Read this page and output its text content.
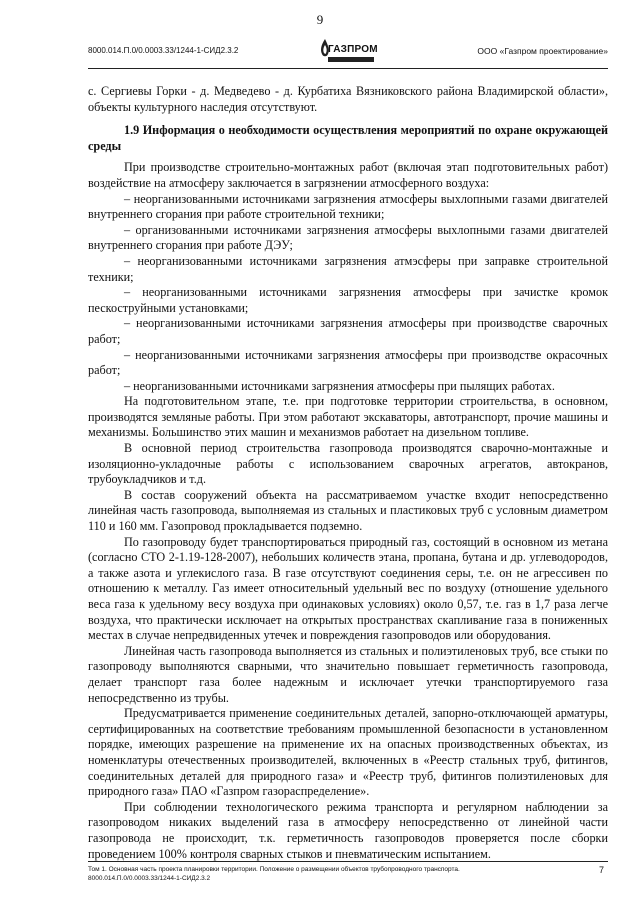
9
8000.014.П.0/0.0003.33/1244-1-СИД2.3.2	ГАЗПРОМ	ООО «Газпром проектирование»

с. Сергиевы Горки - д. Медведево - д. Курбатиха Вязниковского района Владимирской области», объекты культурного наследия отсутствуют.

1.9 Информация о необходимости осуществления мероприятий по охране окружающей среды

При производстве строительно-монтажных работ (включая этап подготовительных работ) воздействие на атмосферу заключается в загрязнении атмосферного воздуха:

– неорганизованными источниками загрязнения атмосферы выхлопными газами двигателей внутреннего сгорания при работе строительной техники;

– организованными источниками загрязнения атмосферы выхлопными газами двигателей внутреннего сгорания при работе ДЭУ;

– неорганизованными источниками загрязнения атмэсферы при заправке строительной техники;

– неорганизованными источниками загрязнения атмосферы при зачистке кромок пескоструйными установками;

– неорганизованными источниками загрязнения атмосферы при производстве сварочных работ;

– неорганизованными источниками загрязнения атмосферы при производстве окрасочных работ;

– неорганизованными источниками загрязнения атмосферы при пылящих работах.

На подготовительном этапе, т.е. при подготовке территории строительства, в основном, производятся земляные работы. При этом работают экскаваторы, автотранспорт, прочие машины и механизмы. Большинство этих машин и механизмов работает на дизельном топливе.

В основной период строительства газопровода производятся сварочно-монтажные и изоляционно-укладочные работы с использованием сварочных агрегатов, автокранов, трубоукладчиков и т.д.

В состав сооружений объекта на рассматриваемом участке входит непосредственно линейная часть газопровода, выполняемая из стальных и пластиковых труб с условным диаметром 110 и 160 мм. Газопровод прокладывается подземно.

По газопроводу будет транспортироваться природный газ, состоящий в основном из метана (согласно СТО 2-1.19-128-2007), небольших количеств этана, пропана, бутана и др. углеводородов, а также азота и углекислого газа. В газе отсутствуют соединения серы, т.е. он не агрессивен по отношению к металлу. Газ имеет относительный удельный вес по воздуху (отношение удельного веса газа к удельному весу воздуха при одинаковых условиях) около 0,57, т.е. газ в 1,7 раза легче воздуха, что практически исключает на открытых пространствах скапливание газа в пониженных местах в случае непредвиденных утечек и повреждения газопроводов или оборудования.

Линейная часть газопровода выполняется из стальных и полиэтиленовых труб, все стыки по газопроводу выполняются сварными, что значительно повышает герметичность газопровода, делает транспорт газа более надежным и исключает утечки транспортируемого газа непосредственно из трубы.

Предусматривается применение соединительных деталей, запорно-отключающей арматуры, сертифицированных на соответствие требованиям промышленной безопасности в установленном порядке, имеющих разрешение на применение их на опасных производственных объектах, из номенклатуры отечественных производителей, включенных в «Реестр стальных труб, фитингов, соединительных деталей для природного газа» и «Реестр труб, фитингов полиэтиленовых для природного газа» ПАО «Газпром газораспределение».

При соблюдении технологического режима транспорта и регулярном наблюдении за газопроводом никаких выделений газа в атмосферу непосредственно от линейной части газопровода не происходит, т.к. герметичность газопроводов проверяется после сборки проведением 100% контроля сварных стыков и пневматическим испытанием.

Том 1. Основная часть проекта планировки территории. Положение о размещении объектов трубопроводного транспорта.
8000.014.П.0/0.0003.33/1244-1-СИД2.3.2
7
